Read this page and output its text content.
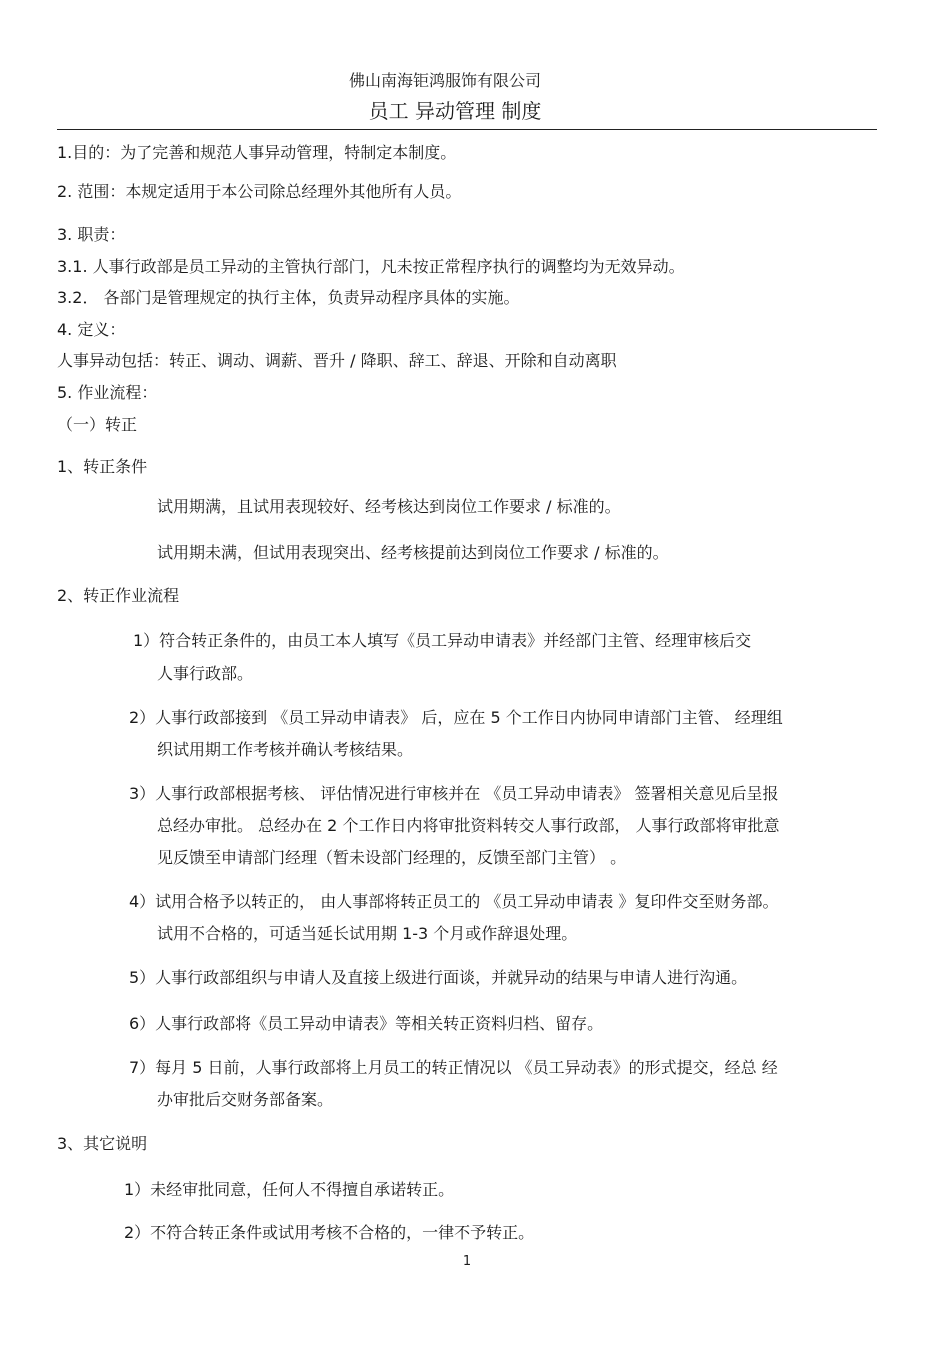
佛山南海钜鸿服饰有限公司
员工 异动管理 制度
1.目的：为了完善和规范人事异动管理，特制定本制度。
2. 范围：本规定适用于本公司除总经理外其他所有人员。
3. 职责：
3.1. 人事行政部是员工异动的主管执行部门，凡未按正常程序执行的调整均为无效异动。
3.2． 各部门是管理规定的执行主体，负责异动程序具体的实施。
4. 定义：
人事异动包括：转正、调动、调薪、晋升 / 降职、辞工、辞退、开除和自动离职
5. 作业流程：
（一）转正
1、转正条件
试用期满，且试用表现较好、经考核达到岗位工作要求 / 标准的。
试用期未满，但试用表现突出、经考核提前达到岗位工作要求 / 标准的。
2、转正作业流程
1）符合转正条件的，由员工本人填写《员工异动申请表》并经部门主管、经理审核后交
人事行政部。
2）人事行政部接到 《员工异动申请表》 后，应在 5 个工作日内协同申请部门主管、 经理组
织试用期工作考核并确认考核结果。
3）人事行政部根据考核、 评估情况进行审核并在 《员工异动申请表》 签署相关意见后呈报
总经办审批。 总经办在 2 个工作日内将审批资料转交人事行政部， 人事行政部将审批意
见反馈至申请部门经理（暂未设部门经理的，反馈至部门主管） 。
4）试用合格予以转正的， 由人事部将转正员工的 《员工异动申请表 》复印件交至财务部。
试用不合格的，可适当延长试用期 1-3 个月或作辞退处理。
5）人事行政部组织与申请人及直接上级进行面谈，并就异动的结果与申请人进行沟通。
6）人事行政部将《员工异动申请表》等相关转正资料归档、留存。
7）每月 5 日前，人事行政部将上月员工的转正情况以 《员工异动表》的形式提交，经总 经
办审批后交财务部备案。
3、其它说明
1）未经审批同意，任何人不得擅自承诺转正。
2）不符合转正条件或试用考核不合格的，一律不予转正。
1
